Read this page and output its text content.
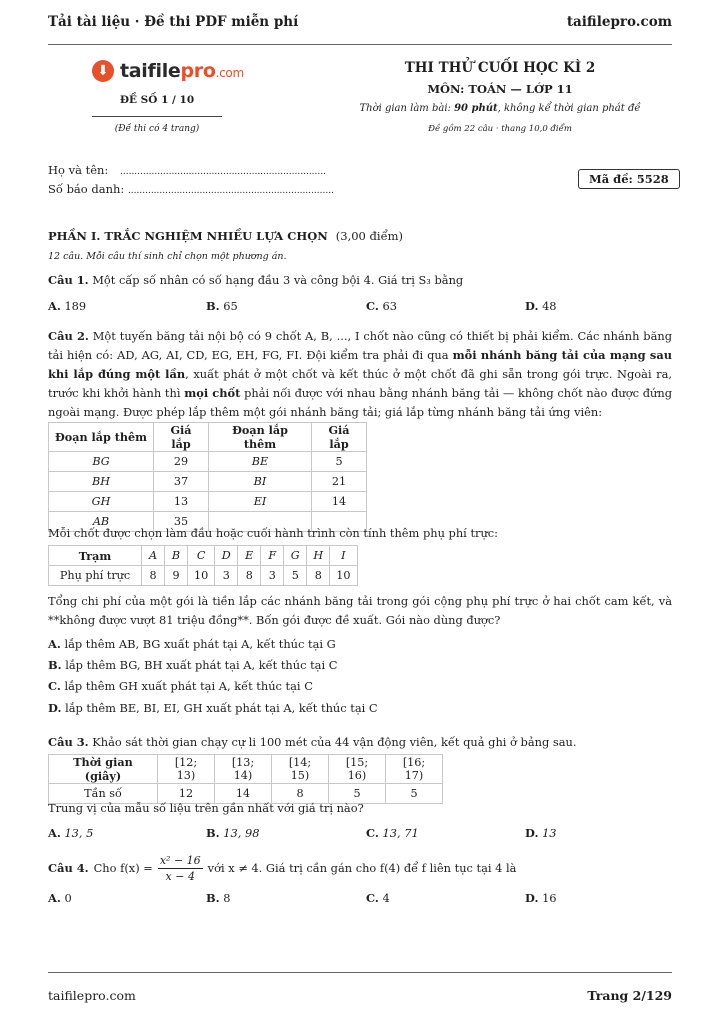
Tải tài liệu · Đề thi PDF miễn phí	taifilepro.com
⬇ taifilepro.com
ĐỀ SỐ 1 / 10
(Đề thi có 4 trang)
THI THỬ CUỐI HỌC KÌ 2
MÔN: TOÁN — LỚP 11
Thời gian làm bài: 90 phút, không kể thời gian phát đề
Đề gồm 22 câu · thang 10,0 điểm
Họ và tên: ........................................................................
Số báo danh: ........................................................................
Mã đề: 5528
PHẦN I. TRẮC NGHIỆM NHIỀU LỰA CHỌN (3,00 điểm)
12 câu. Mỗi câu thí sinh chỉ chọn một phương án.
Câu 1. Một cấp số nhân có số hạng đầu 3 và công bội 4. Giá trị S₃ bằng
A. 189	B. 65	C. 63	D. 48
Câu 2. Một tuyến băng tải nội bộ có 9 chốt A, B, ..., I chốt nào cũng có thiết bị phải kiểm. Các nhánh băng tải hiện có: AD, AG, AI, CD, EG, EH, FG, FI. Đội kiểm tra phải đi qua mỗi nhánh băng tải của mạng sau khi lắp đúng một lần, xuất phát ở một chốt và kết thúc ở một chốt đã ghi sẵn trong gói trực. Ngoài ra, trước khi khởi hành thì mọi chốt phải nối được với nhau bằng nhánh băng tải — không chốt nào được đứng ngoài mạng. Được phép lắp thêm một gói nhánh băng tải; giá lắp từng nhánh băng tải ứng viên:
Đoạn lắp thêm	Giá lắp	Đoạn lắp thêm	Giá lắp
BG	29	BE	5
BH	37	BI	21
GH	13	EI	14
AB	35		
Mỗi chốt được chọn làm đầu hoặc cuối hành trình còn tính thêm phụ phí trực:
Trạm	A	B	C	D	E	F	G	H	I
Phụ phí trực	8	9	10	3	8	3	5	8	10
Tổng chi phí của một gói là tiền lắp các nhánh băng tải trong gói cộng phụ phí trực ở hai chốt cam kết, và **không được vượt 81 triệu đồng**. Bốn gói được đề xuất. Gói nào dùng được?
A. lắp thêm AB, BG xuất phát tại A, kết thúc tại G
B. lắp thêm BG, BH xuất phát tại A, kết thúc tại C
C. lắp thêm GH xuất phát tại A, kết thúc tại C
D. lắp thêm BE, BI, EI, GH xuất phát tại A, kết thúc tại C
Câu 3. Khảo sát thời gian chạy cự li 100 mét của 44 vận động viên, kết quả ghi ở bảng sau.
Thời gian (giây)	[12; 13)	[13; 14)	[14; 15)	[15; 16)	[16; 17)
Tần số	12	14	8	5	5
Trung vị của mẫu số liệu trên gần nhất với giá trị nào?
A. 13, 5	B. 13, 98	C. 13, 71	D. 13
Câu 4. Cho $f(x) = \frac{\text{x² − 16}}{x - 4}$ với x ≠ 4. Giá trị cần gán cho f(4) để f liên tục tại 4 là
A. 0	B. 8	C. 4	D. 16
taifilepro.com	Trang 2/129
